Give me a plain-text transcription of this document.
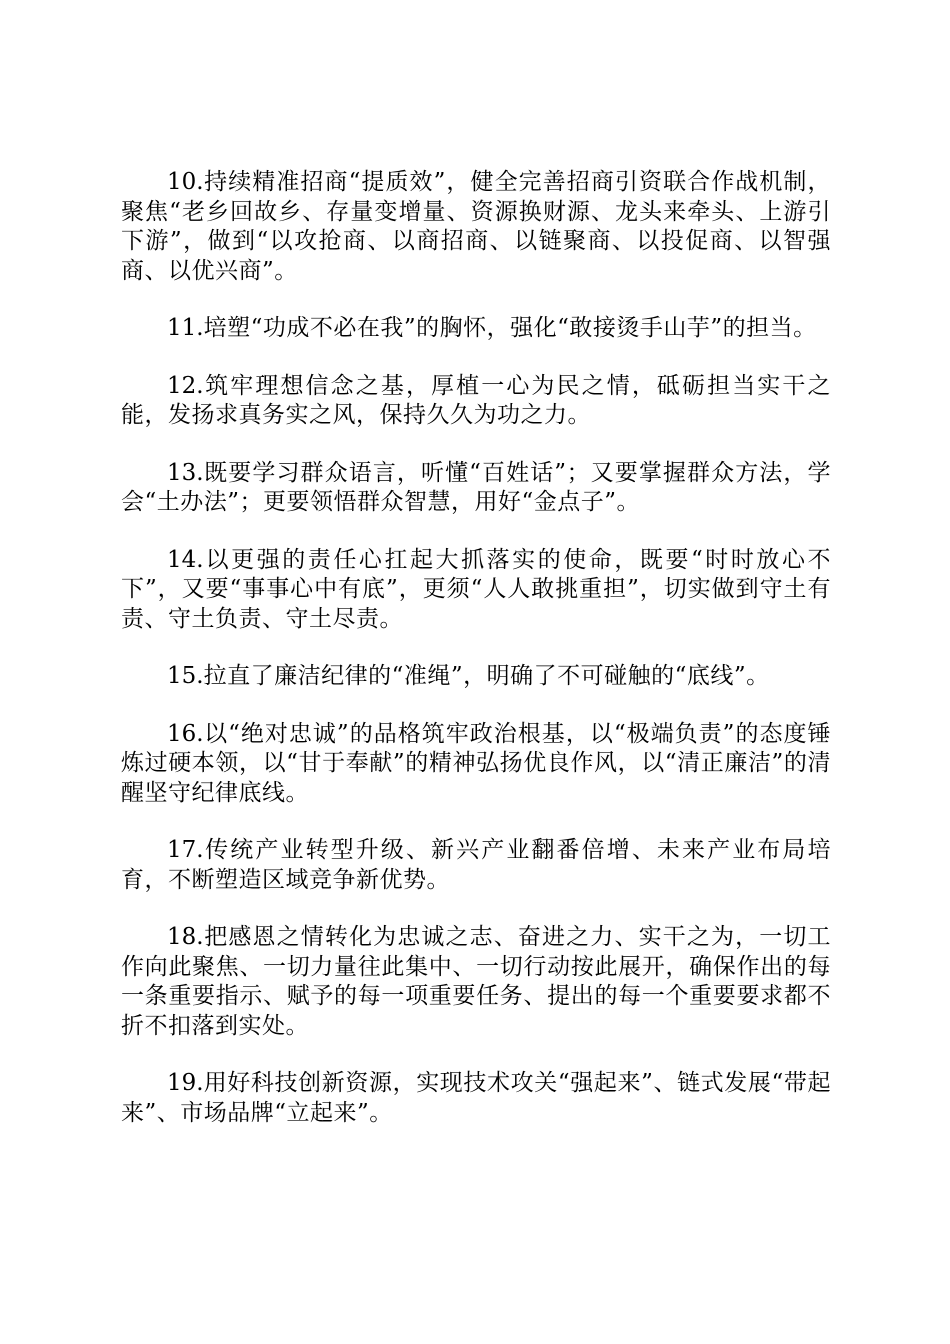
10.持续精准招商“提质效”，健全完善招商引资联合作战机制，聚焦“老乡回故乡、存量变增量、资源换财源、龙头来牵头、上游引下游”，做到“以攻抢商、以商招商、以链聚商、以投促商、以智强商、以优兴商”。

11.培塑“功成不必在我”的胸怀，强化“敢接烫手山芋”的担当。

12.筑牢理想信念之基，厚植一心为民之情，砥砺担当实干之能，发扬求真务实之风，保持久久为功之力。

13.既要学习群众语言，听懂“百姓话”；又要掌握群众方法，学会“土办法”；更要领悟群众智慧，用好“金点子”。

14.以更强的责任心扛起大抓落实的使命，既要“时时放心不下”，又要“事事心中有底”，更须“人人敢挑重担”，切实做到守土有责、守土负责、守土尽责。

15.拉直了廉洁纪律的“准绳”，明确了不可碰触的“底线”。

16.以“绝对忠诚”的品格筑牢政治根基，以“极端负责”的态度锤炼过硬本领，以“甘于奉献”的精神弘扬优良作风，以“清正廉洁”的清醒坚守纪律底线。

17.传统产业转型升级、新兴产业翻番倍增、未来产业布局培育，不断塑造区域竞争新优势。

18.把感恩之情转化为忠诚之志、奋进之力、实干之为，一切工作向此聚焦、一切力量往此集中、一切行动按此展开，确保作出的每一条重要指示、赋予的每一项重要任务、提出的每一个重要要求都不折不扣落到实处。

19.用好科技创新资源，实现技术攻关“强起来”、链式发展“带起来”、市场品牌“立起来”。
